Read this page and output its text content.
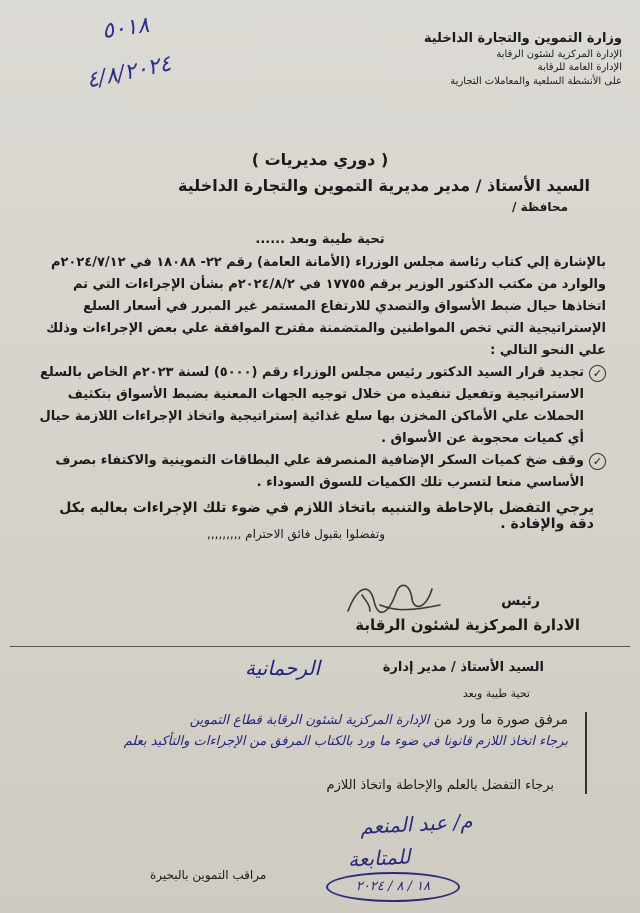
وزارة التموين والتجارة الداخلية
الإدارة المركزية لشئون الرقابة
الإدارة العامة للرقابة
على الأنشطة السلعية والمعاملات التجارية
٥٠١٨
٤/٨/٢٠٢٤
( دوري مديريات )
السيد الأستاذ / مدير مديرية التموين والتجارة الداخلية
محافظة /
تحية طيبة وبعد ......

بالإشارة إلي كتاب رئاسة مجلس الوزراء (الأمانة العامة) رقم ٢٢- ١٨٠٨٨ في ٢٠٢٤/٧/١٢م والوارد من مكتب الدكتور الوزير برقم ١٧٧٥٥ في ٢٠٢٤/٨/٢م بشأن الإجراءات التي تم اتخاذها حيال ضبط الأسواق والتصدي للارتفاع المستمر غير المبرر في أسعار السلع الإستراتيجية التي تخص المواطنين والمتضمنة مقترح الموافقة علي بعض الإجراءات وذلك علي النحو التالي :

✓
تجديد قرار السيد الدكتور رئيس مجلس الوزراء رقم (٥٠٠٠) لسنة ٢٠٢٣م الخاص بالسلع الاستراتيجية وتفعيل تنفيذه من خلال توجيه الجهات المعنية بضبط الأسواق بتكثيف الحملات علي الأماكن المخزن بها سلع غذائية إستراتيجية واتخاذ الإجراءات اللازمة حيال أي كميات محجوبة عن الأسواق .

✓
وقف ضخ كميات السكر الإضافية المنصرفة علي البطاقات التموينية والاكتفاء بصرف الأساسي منعا لتسرب تلك الكميات للسوق السوداء .

يرجي التفضل بالإحاطة والتنبيه باتخاذ اللازم في ضوء تلك الإجراءات بعاليه بكل دقة والإفادة .
وتفضلوا بقبول فائق الاحترام ,,,,,,,,,
رئيس
الادارة المركزية لشئون الرقابة
السيد الأستاذ / مدير إدارة
الرحمانية
تحية طيبة وبعد
مرفق صورة ما ورد من الإدارة المركزية لشئون الرقابة قطاع التموين
برجاء اتخاذ اللازم قانونا في ضوء ما ورد بالكتاب المرفق من الإجراءات والتأكيد بعلم
برجاء التفضل بالعلم والإحاطة واتخاذ اللازم
م/ عبد المنعم
للمتابعة
١٨ / ٨ / ٢٠٢٤
مراقب التموين بالبحيرة
